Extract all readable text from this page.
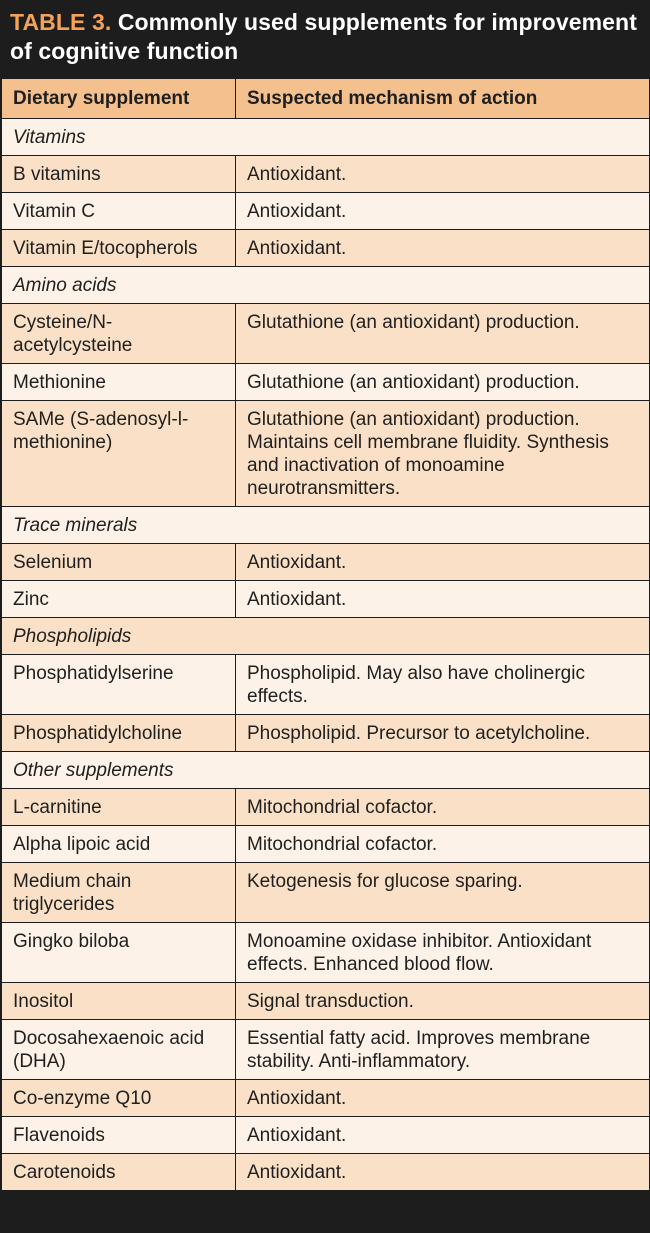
TABLE 3. Commonly used supplements for improvement of cognitive function
Dietary supplement	Suspected mechanism of action
Vitamins	
B vitamins	Antioxidant.
Vitamin C	Antioxidant.
Vitamin E/tocopherols	Antioxidant.
Amino acids	
Cysteine/N-acetylcysteine	Glutathione (an antioxidant) production.
Methionine	Glutathione (an antioxidant) production.
SAMe (S-adenosyl-l-methionine)	Glutathione (an antioxidant) production. Maintains cell membrane fluidity. Synthesis and inactivation of monoamine neurotransmitters.
Trace minerals	
Selenium	Antioxidant.
Zinc	Antioxidant.
Phospholipids	
Phosphatidylserine	Phospholipid. May also have cholinergic effects.
Phosphatidylcholine	Phospholipid. Precursor to acetylcholine.
Other supplements	
L-carnitine	Mitochondrial cofactor.
Alpha lipoic acid	Mitochondrial cofactor.
Medium chain triglycerides	Ketogenesis for glucose sparing.
Gingko biloba	Monoamine oxidase inhibitor. Antioxidant effects. Enhanced blood flow.
Inositol	Signal transduction.
Docosahexaenoic acid (DHA)	Essential fatty acid. Improves membrane stability. Anti-inflammatory.
Co-enzyme Q10	Antioxidant.
Flavenoids	Antioxidant.
Carotenoids	Antioxidant.
